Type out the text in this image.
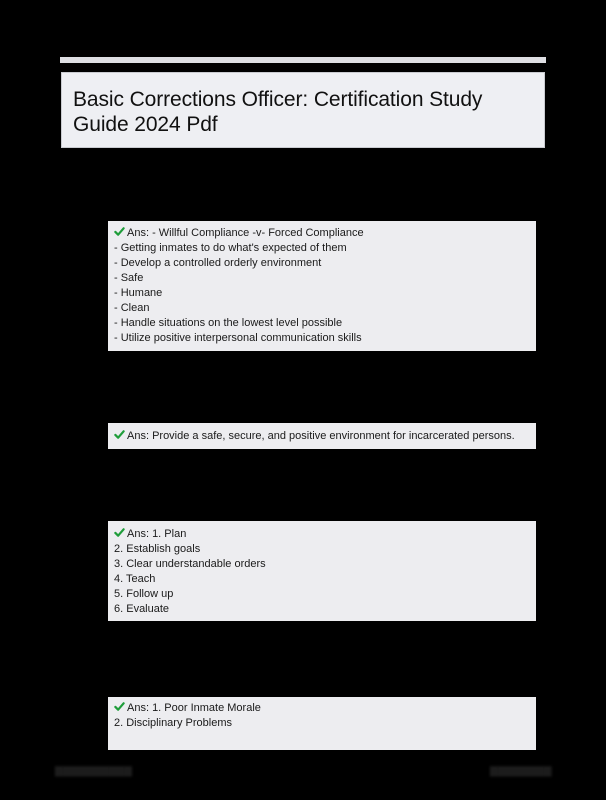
Basic Corrections Officer: Certification Study
Guide 2024 Pdf
Ans: - Willful Compliance -v- Forced Compliance
- Getting inmates to do what's expected of them
- Develop a controlled orderly environment
- Safe
- Humane
- Clean
- Handle situations on the lowest level possible
- Utilize positive interpersonal communication skills
Ans: Provide a safe, secure, and positive environment for incarcerated persons.
Ans: 1. Plan
2. Establish goals
3. Clear understandable orders
4. Teach
5. Follow up
6. Evaluate
Ans: 1. Poor Inmate Morale
2. Disciplinary Problems
▇▇▇▇▇▇▇▇▇▇	▇▇▇▇▇▇▇▇
